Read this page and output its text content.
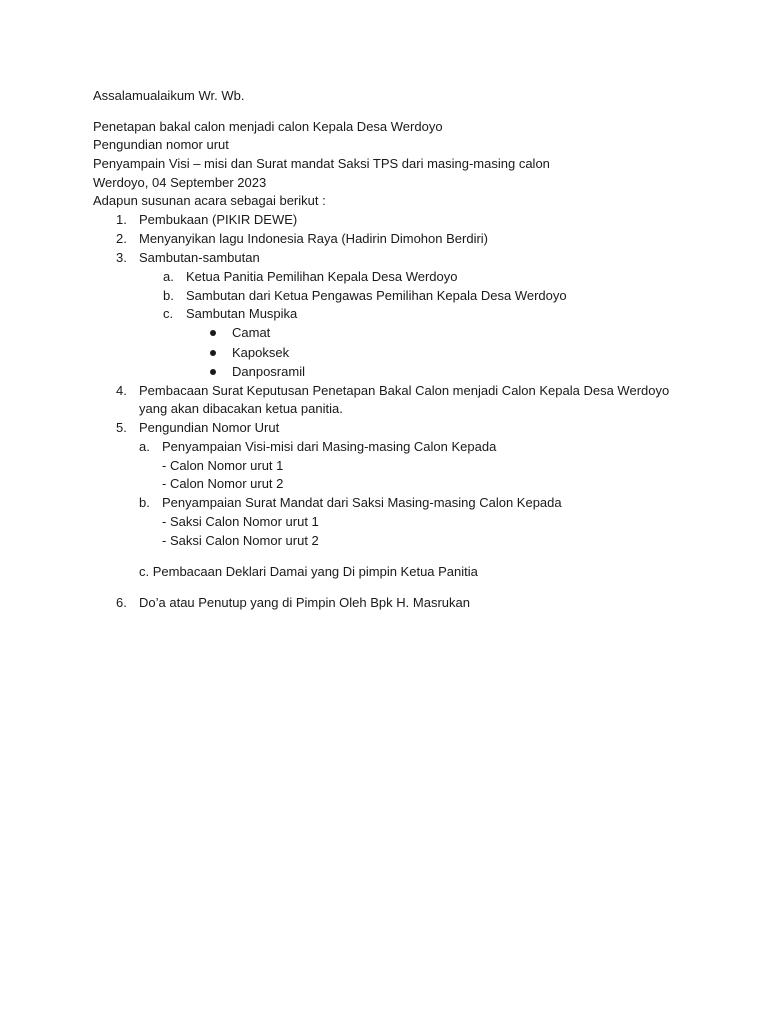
Assalamualaikum Wr. Wb.
Penetapan bakal calon menjadi calon Kepala Desa Werdoyo
Pengundian nomor urut
Penyampain Visi – misi dan Surat mandat Saksi TPS dari masing-masing calon
Werdoyo, 04 September 2023
Adapun susunan acara sebagai berikut :
1. Pembukaan (PIKIR DEWE)
2. Menyanyikan lagu Indonesia Raya (Hadirin Dimohon Berdiri)
3. Sambutan-sambutan
a. Ketua Panitia Pemilihan Kepala Desa Werdoyo
b. Sambutan dari Ketua Pengawas Pemilihan Kepala Desa Werdoyo
c. Sambutan Muspika
Camat
Kapoksek
Danposramil
4. Pembacaan Surat Keputusan Penetapan Bakal Calon menjadi Calon Kepala Desa Werdoyo
yang akan dibacakan ketua panitia.
5. Pengundian Nomor Urut
a. Penyampaian Visi-misi dari Masing-masing Calon Kepada
- Calon Nomor urut 1
- Calon Nomor urut 2
b. Penyampaian Surat Mandat dari Saksi Masing-masing Calon Kepada
- Saksi Calon Nomor urut 1
- Saksi Calon Nomor urut 2
c. Pembacaan Deklari Damai yang Di pimpin Ketua Panitia
6. Do’a atau Penutup yang di Pimpin Oleh Bpk H. Masrukan
